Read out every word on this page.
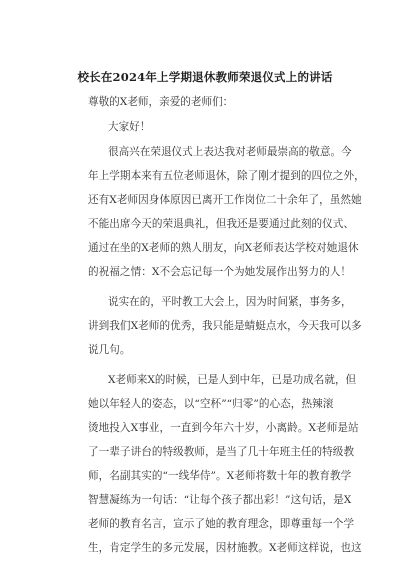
校长在2024年上学期退休教师荣退仪式上的讲话
尊敬的X老师，亲爱的老师们：
大家好！
很高兴在荣退仪式上表达我对老师最崇高的敬意。今
年上学期本来有五位老师退休，除了刚才提到的四位之外，
还有X老师因身体原因已离开工作岗位二十余年了，虽然她
不能出席今天的荣退典礼，但我还是要通过此刻的仪式、
通过在坐的X老师的熟人朋友，向X老师表达学校对她退休
的祝福之情：X不会忘记每一个为她发展作出努力的人！
说实在的，平时教工大会上，因为时间紧，事务多，
讲到我们X老师的优秀，我只能是蜻蜓点水，今天我可以多
说几句。
X老师来X的时候，已是人到中年，已是功成名就，但
她以年轻人的姿态，以“空杯”“归零”的心态，热辣滚
烫地投入X事业，一直到今年六十岁，小离龄。X老师是站
了一辈子讲台的特级教师，是当了几十年班主任的特级教
师，名副其实的“一线华侍”。X老师将数十年的教育教学
智慧凝练为一句话：“让每个孩子都出彩！”这句话，是X
老师的教育名言，宣示了她的教育理念，即尊重每一个学
生，肯定学生的多元发展，因材施教。X老师这样说，也这
